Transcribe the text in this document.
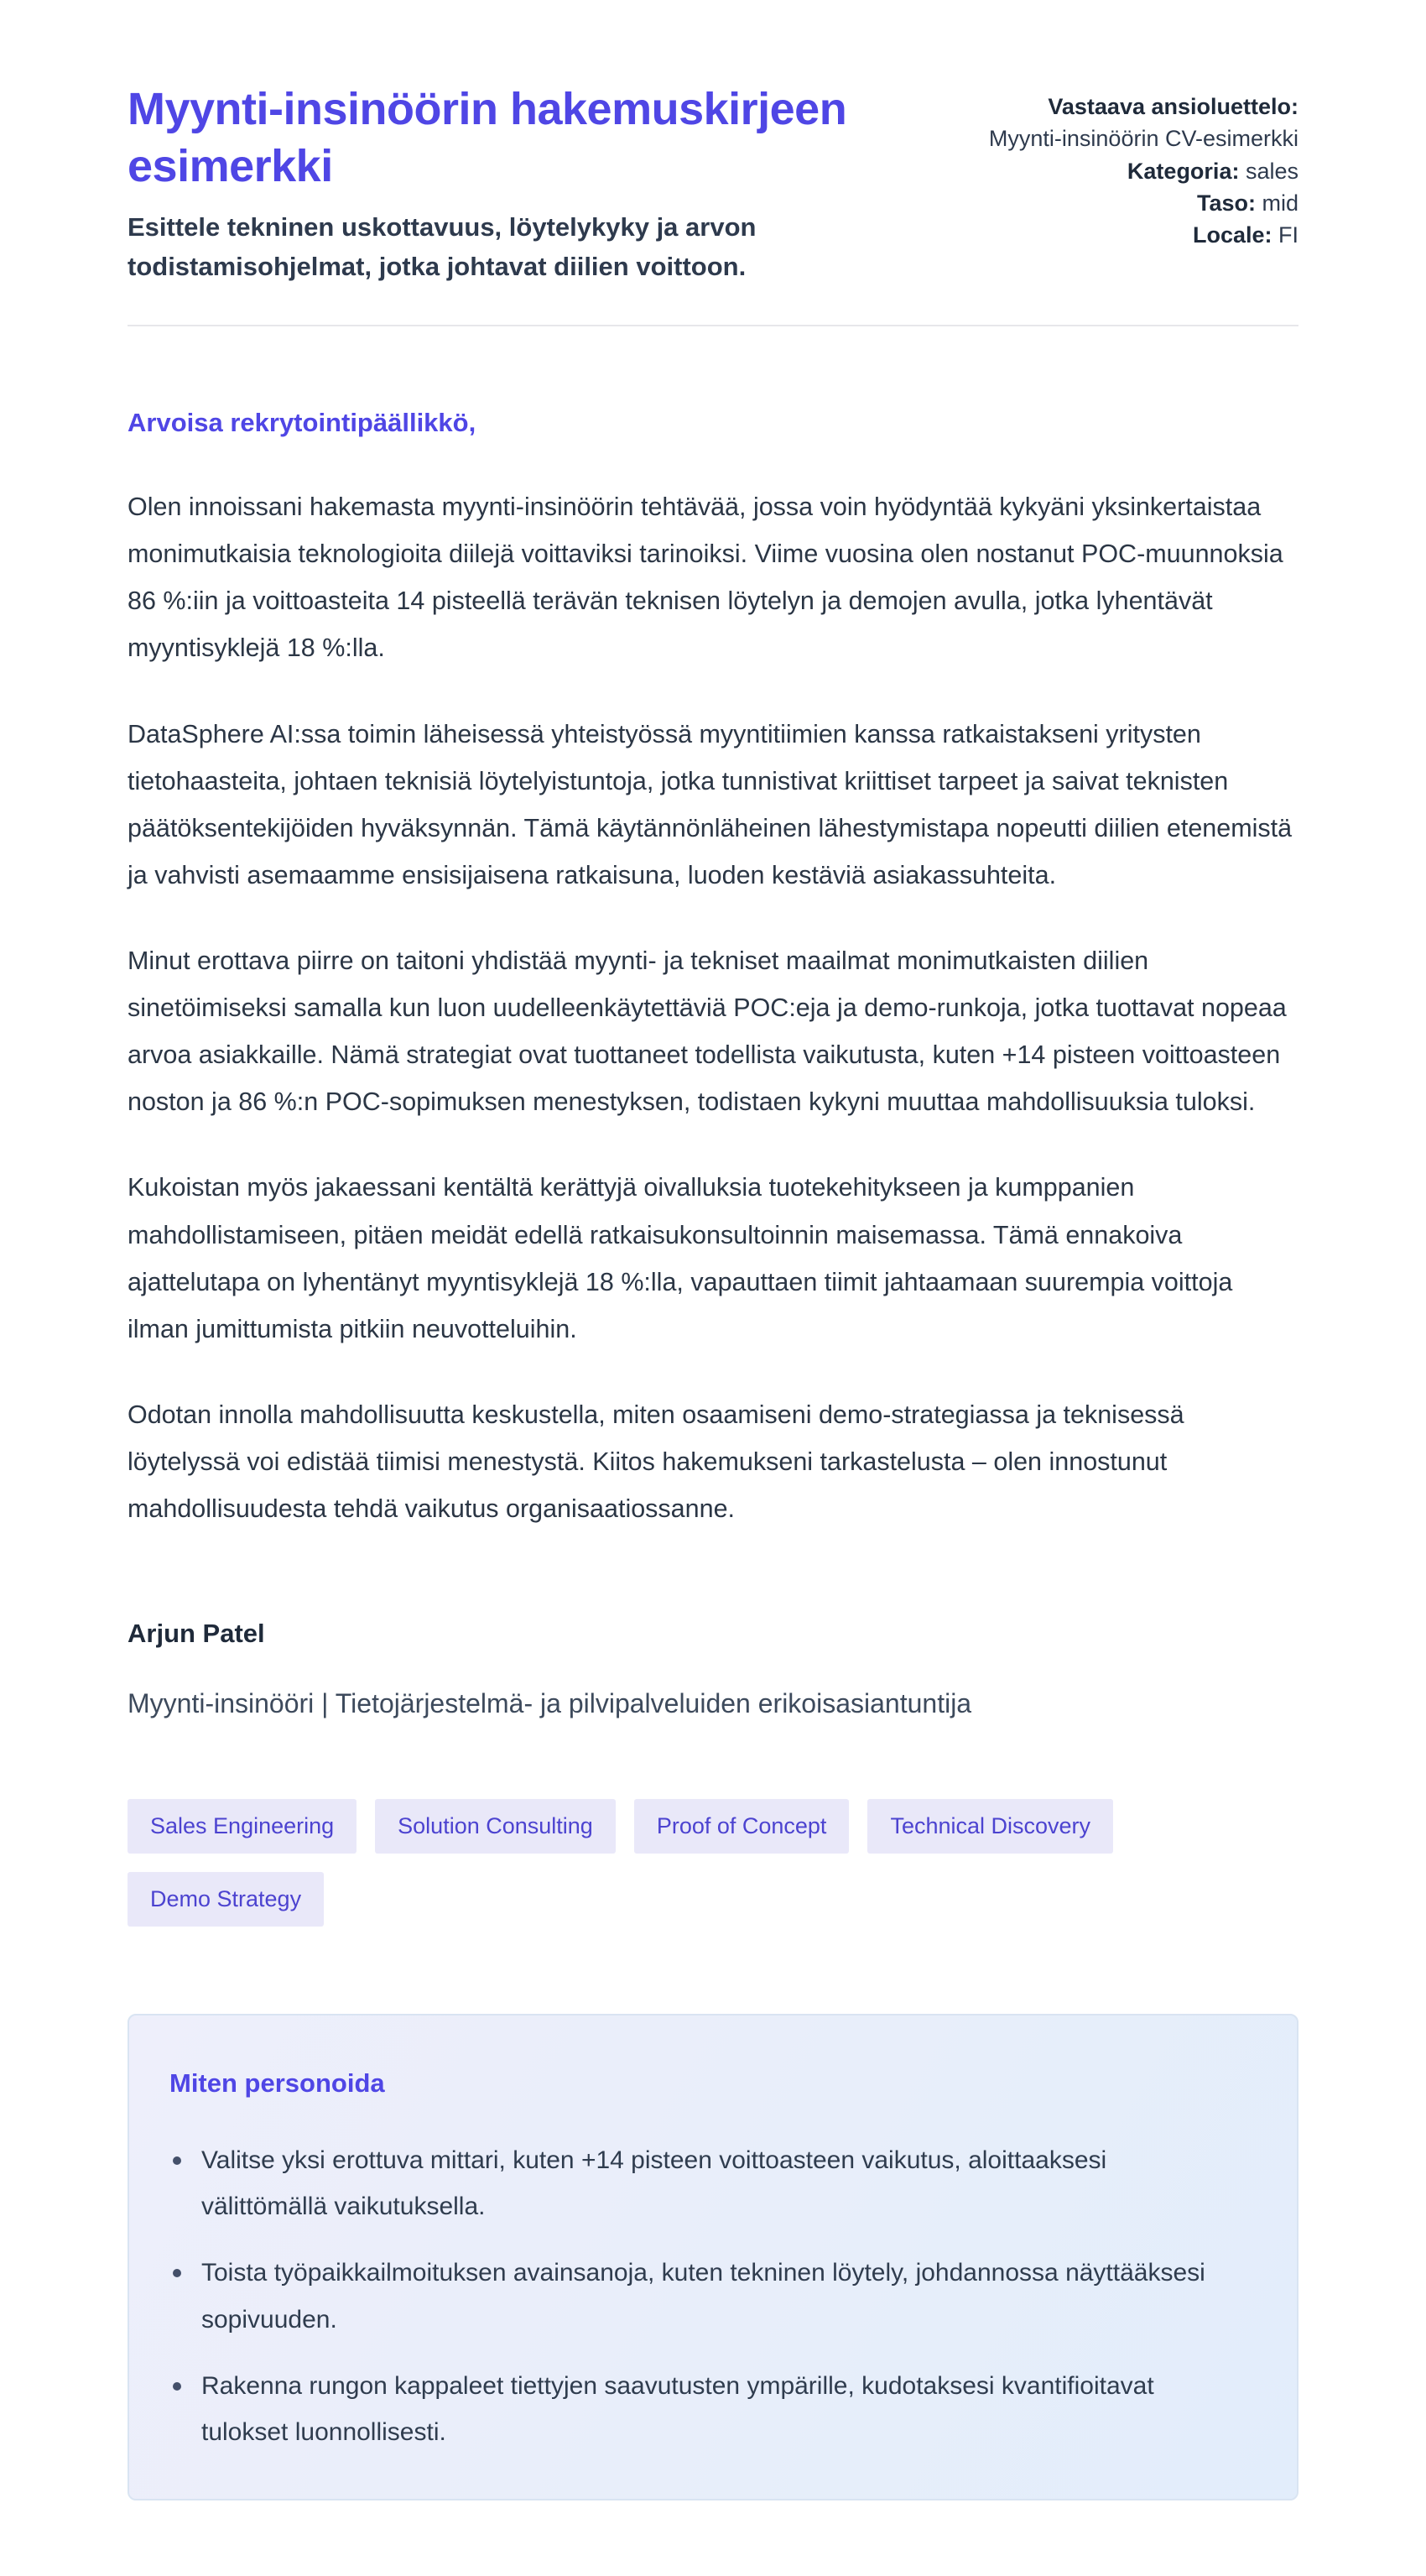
Myynti-insinöörin hakemuskirjeen esimerkki

Esittele tekninen uskottavuus, löytelykyky ja arvon todistamisohjelmat, jotka johtavat diilien voittoon.

Vastaava ansioluettelo:
Myynti-insinöörin CV-esimerkki
Kategoria: sales
Taso: mid
Locale: FI

Arvoisa rekrytointipäällikkö,

Olen innoissani hakemasta myynti-insinöörin tehtävää, jossa voin hyödyntää kykyäni yksinkertaistaa monimutkaisia teknologioita diilejä voittaviksi tarinoiksi. Viime vuosina olen nostanut POC-muunnoksia 86 %:iin ja voittoasteita 14 pisteellä terävän teknisen löytelyn ja demojen avulla, jotka lyhentävät myyntisyklejä 18 %:lla.

DataSphere AI:ssa toimin läheisessä yhteistyössä myyntitiimien kanssa ratkaistakseni yritysten tietohaasteita, johtaen teknisiä löytelyistuntoja, jotka tunnistivat kriittiset tarpeet ja saivat teknisten päätöksentekijöiden hyväksynnän. Tämä käytännönläheinen lähestymistapa nopeutti diilien etenemistä ja vahvisti asemaamme ensisijaisena ratkaisuna, luoden kestäviä asiakassuhteita.

Minut erottava piirre on taitoni yhdistää myynti- ja tekniset maailmat monimutkaisten diilien sinetöimiseksi samalla kun luon uudelleenkäytettäviä POC:eja ja demo-runkoja, jotka tuottavat nopeaa arvoa asiakkaille. Nämä strategiat ovat tuottaneet todellista vaikutusta, kuten +14 pisteen voittoasteen noston ja 86 %:n POC-sopimuksen menestyksen, todistaen kykyni muuttaa mahdollisuuksia tuloksi.

Kukoistan myös jakaessani kentältä kerättyjä oivalluksia tuotekehitykseen ja kumppanien mahdollistamiseen, pitäen meidät edellä ratkaisukonsultoinnin maisemassa. Tämä ennakoiva ajattelutapa on lyhentänyt myyntisyklejä 18 %:lla, vapauttaen tiimit jahtaamaan suurempia voittoja ilman jumittumista pitkiin neuvotteluihin.

Odotan innolla mahdollisuutta keskustella, miten osaamiseni demo-strategiassa ja teknisessä löytelyssä voi edistää tiimisi menestystä. Kiitos hakemukseni tarkastelusta – olen innostunut mahdollisuudesta tehdä vaikutus organisaatiossanne.

Arjun Patel

Myynti-insinööri | Tietojärjestelmä- ja pilvipalveluiden erikoisasiantuntija

Sales Engineering	Solution Consulting	Proof of Concept	Technical Discovery
Demo Strategy
Miten personoida
Valitse yksi erottuva mittari, kuten +14 pisteen voittoasteen vaikutus, aloittaaksesi välittömällä vaikutuksella.
Toista työpaikkailmoituksen avainsanoja, kuten tekninen löytely, johdannossa näyttääksesi sopivuuden.
Rakenna rungon kappaleet tiettyjen saavutusten ympärille, kudotaksesi kvantifioitavat tulokset luonnollisesti.
